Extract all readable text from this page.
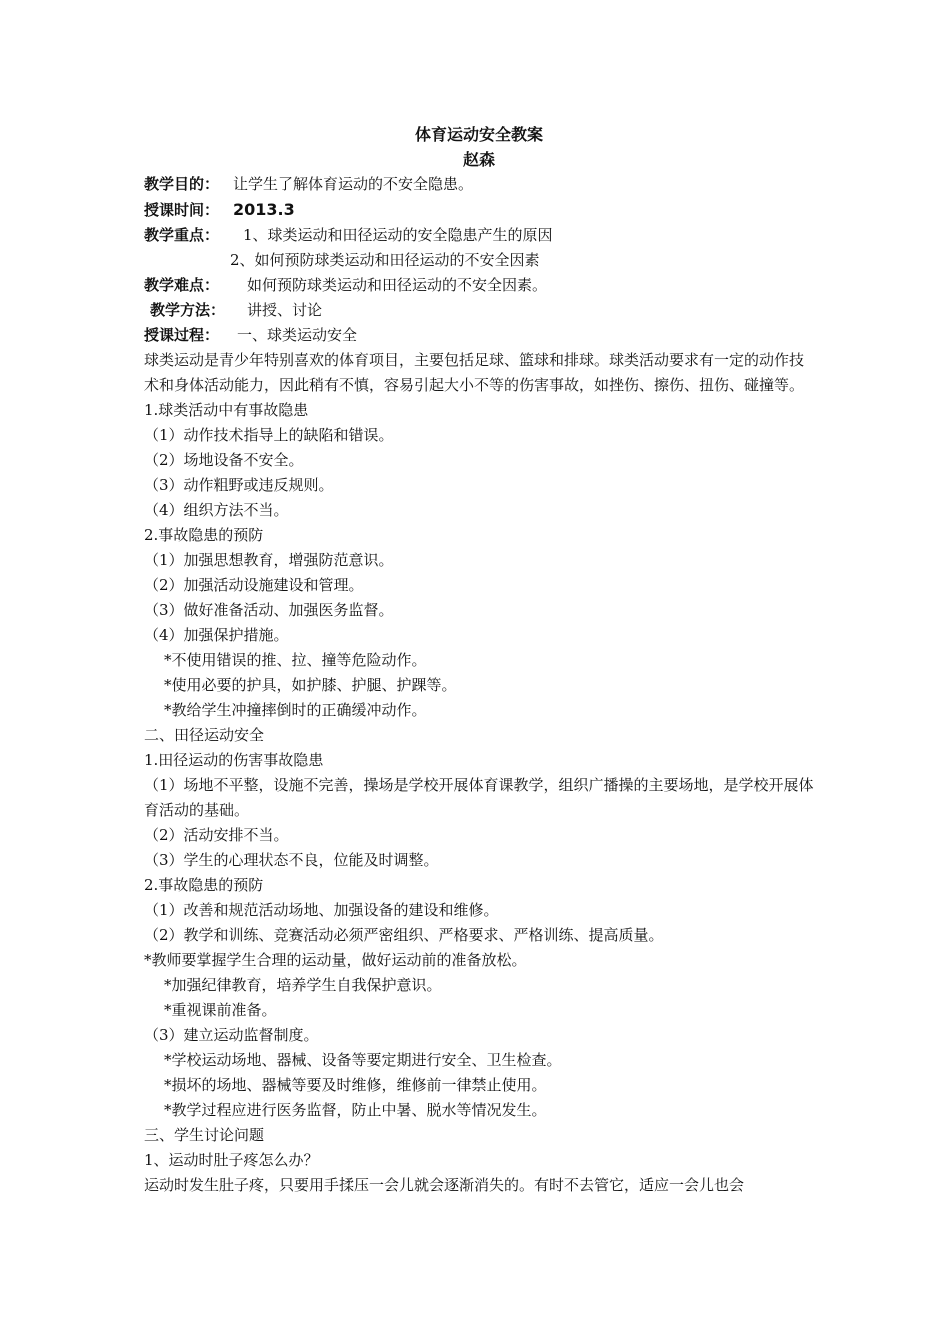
体育运动安全教案
赵森
教学目的： 让学生了解体育运动的不安全隐患。
授课时间： 2013.3
教学重点： 1、球类运动和田径运动的安全隐患产生的原因
2、如何预防球类运动和田径运动的不安全因素
教学难点： 如何预防球类运动和田径运动的不安全因素。
教学方法： 讲授、讨论
授课过程： 一、球类运动安全
球类运动是青少年特别喜欢的体育项目，主要包括足球、篮球和排球。球类活动要求有一定的动作技术和身体活动能力，因此稍有不慎，容易引起大小不等的伤害事故，如挫伤、擦伤、扭伤、碰撞等。
1.球类活动中有事故隐患
（1）动作技术指导上的缺陷和错误。
（2）场地设备不安全。
（3）动作粗野或违反规则。
（4）组织方法不当。
2.事故隐患的预防
（1）加强思想教育，增强防范意识。
（2）加强活动设施建设和管理。
（3）做好准备活动、加强医务监督。
（4）加强保护措施。
*不使用错误的推、拉、撞等危险动作。
*使用必要的护具，如护膝、护腿、护踝等。
*教给学生冲撞摔倒时的正确缓冲动作。
二、田径运动安全
1.田径运动的伤害事故隐患
（1）场地不平整，设施不完善，操场是学校开展体育课教学，组织广播操的主要场地，是学校开展体育活动的基础。
（2）活动安排不当。
（3）学生的心理状态不良，位能及时调整。
2.事故隐患的预防
（1）改善和规范活动场地、加强设备的建设和维修。
（2）教学和训练、竞赛活动必须严密组织、严格要求、严格训练、提高质量。
*教师要掌握学生合理的运动量，做好运动前的准备放松。
*加强纪律教育，培养学生自我保护意识。
*重视课前准备。
（3）建立运动监督制度。
*学校运动场地、器械、设备等要定期进行安全、卫生检查。
*损坏的场地、器械等要及时维修，维修前一律禁止使用。
*教学过程应进行医务监督，防止中暑、脱水等情况发生。
三、学生讨论问题
1、运动时肚子疼怎么办？
运动时发生肚子疼，只要用手揉压一会儿就会逐渐消失的。有时不去管它，适应一会儿也会
